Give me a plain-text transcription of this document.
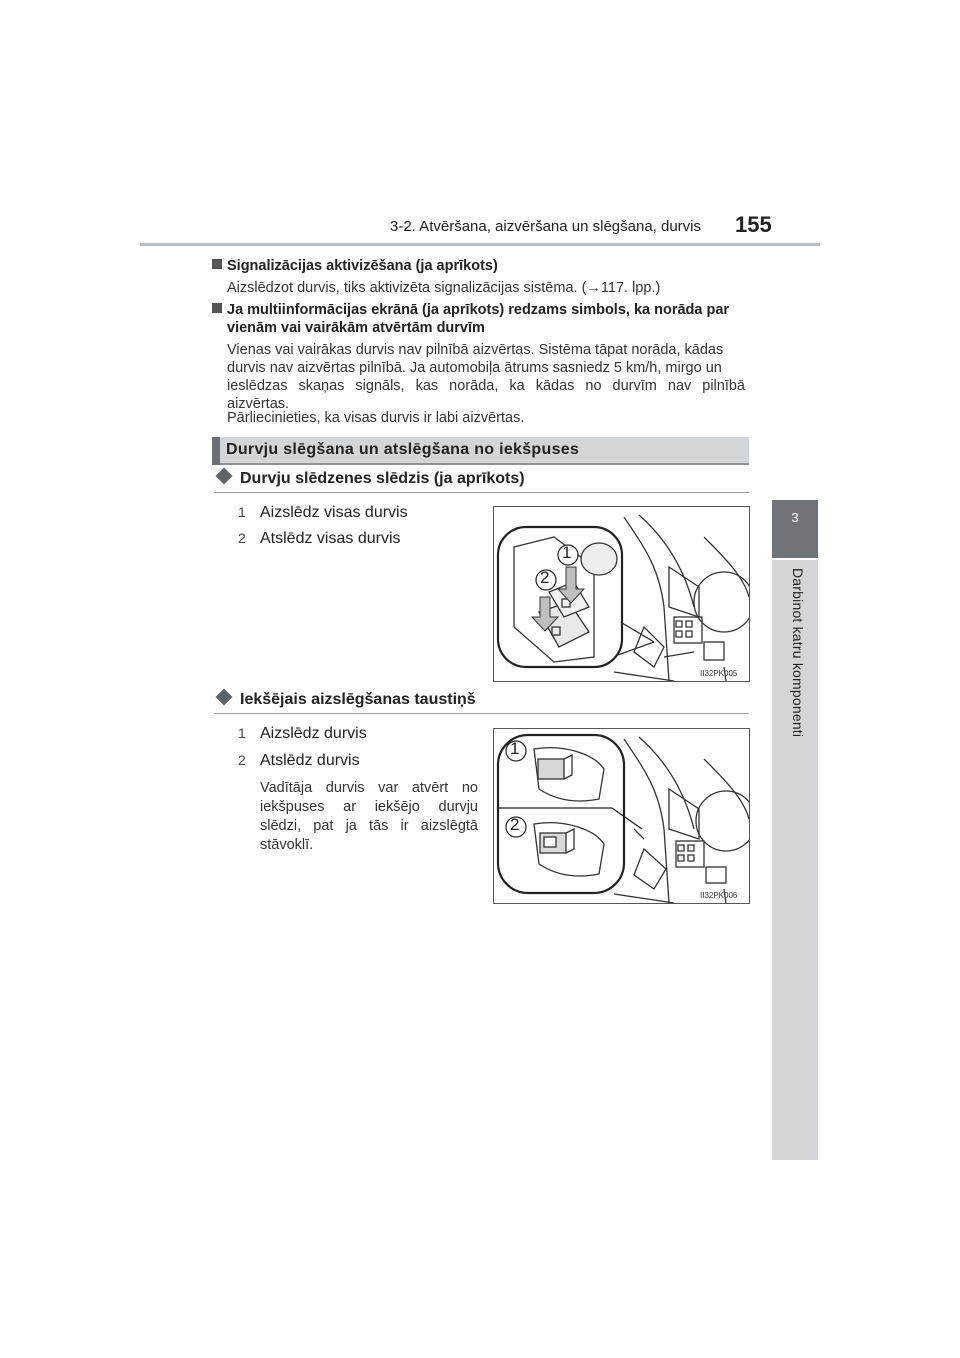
3-2. Atvēršana, aizvēršana un slēgšana, durvis 155
3
Darbinot katru komponenti
Signalizācijas aktivizēšana (ja aprīkots)
Aizslēdzot durvis, tiks aktivizēta signalizācijas sistēma. (→117. lpp.)
Ja multiinformācijas ekrānā (ja aprīkots) redzams simbols, ka norāda par
vienām vai vairākām atvērtām durvīm
Vienas vai vairākas durvis nav pilnībā aizvērtas. Sistēma tāpat norāda, kādas
durvis nav aizvērtas pilnībā. Ja automobiļa ātrums sasniedz 5 km/h, mirgo un
ieslēdzas skaņas signāls, kas norāda, ka kādas no durvīm nav pilnībā
aizvērtas.
Pārliecinieties, ka visas durvis ir labi aizvērtas.
Durvju slēgšana un atslēgšana no iekšpuses
Durvju slēdzenes slēdzis (ja aprīkots)
1 Aizslēdz visas durvis
2 Atslēdz visas durvis
1
2
II32PK005
Iekšējais aizslēgšanas taustiņš
1 Aizslēdz durvis
2 Atslēdz durvis
Vadītāja durvis var atvērt no
iekšpuses ar iekšējo durvju
slēdzi, pat ja tās ir aizslēgtā
stāvoklī.
1
2
II32PK006
